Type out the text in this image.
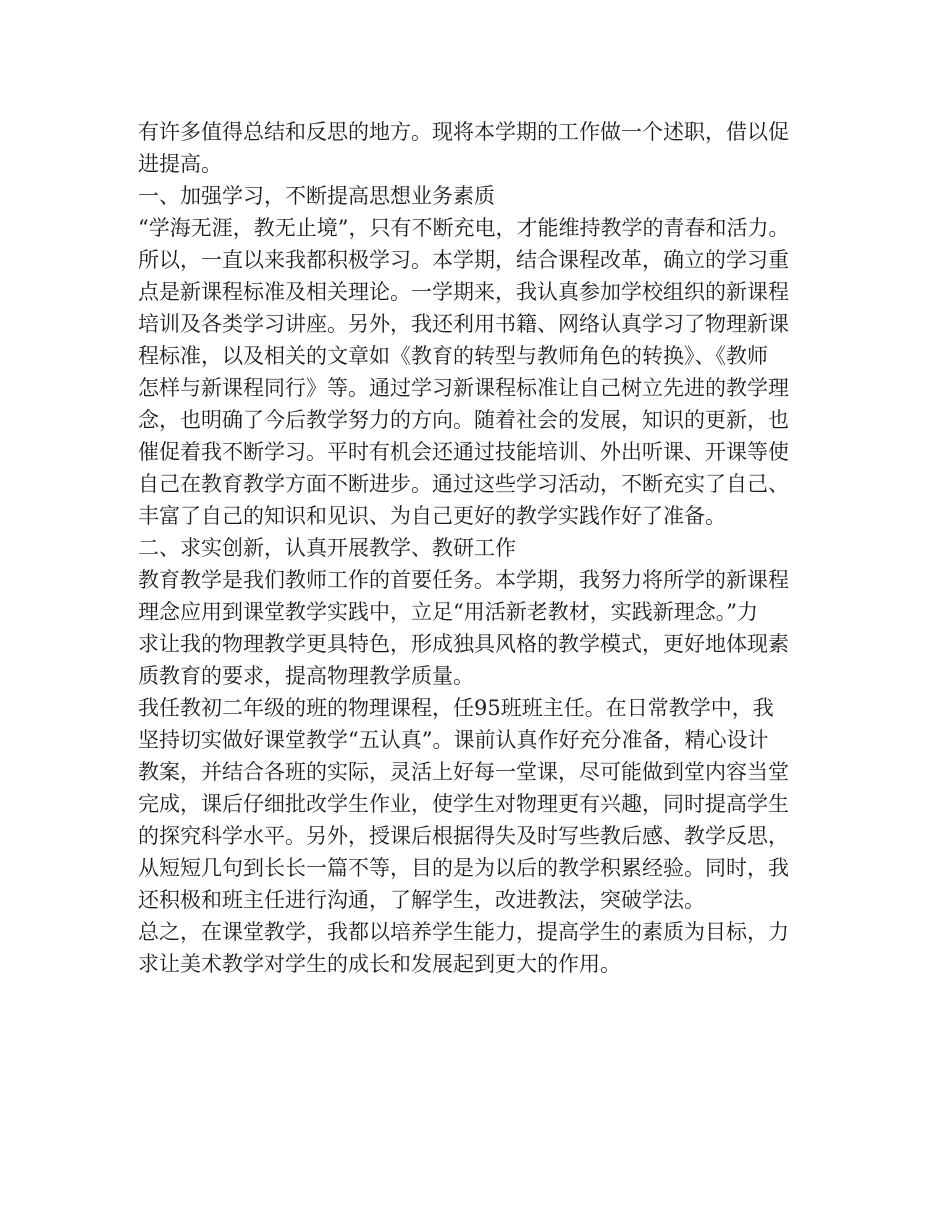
有许多值得总结和反思的地方。现将本学期的工作做一个述职，借以促
进提高。
一、加强学习，不断提高思想业务素质
“学海无涯，教无止境”，只有不断充电，才能维持教学的青春和活力。
所以，一直以来我都积极学习。本学期，结合课程改革，确立的学习重
点是新课程标准及相关理论。一学期来，我认真参加学校组织的新课程
培训及各类学习讲座。另外，我还利用书籍、网络认真学习了物理新课
程标准，以及相关的文章如《教育的转型与教师角色的转换》、《教师
怎样与新课程同行》等。通过学习新课程标准让自己树立先进的教学理
念，也明确了今后教学努力的方向。随着社会的发展，知识的更新，也
催促着我不断学习。平时有机会还通过技能培训、外出听课、开课等使
自己在教育教学方面不断进步。通过这些学习活动，不断充实了自己、
丰富了自己的知识和见识、为自己更好的教学实践作好了准备。
二、求实创新，认真开展教学、教研工作
教育教学是我们教师工作的首要任务。本学期，我努力将所学的新课程
理念应用到课堂教学实践中，立足“用活新老教材，实践新理念。”力
求让我的物理教学更具特色，形成独具风格的教学模式，更好地体现素
质教育的要求，提高物理教学质量。
我任教初二年级的班的物理课程，任95班班主任。在日常教学中，我
坚持切实做好课堂教学“五认真”。课前认真作好充分准备，精心设计
教案，并结合各班的实际，灵活上好每一堂课，尽可能做到堂内容当堂
完成，课后仔细批改学生作业，使学生对物理更有兴趣，同时提高学生
的探究科学水平。另外，授课后根据得失及时写些教后感、教学反思，
从短短几句到长长一篇不等，目的是为以后的教学积累经验。同时，我
还积极和班主任进行沟通，了解学生，改进教法，突破学法。
总之，在课堂教学，我都以培养学生能力，提高学生的素质为目标，力
求让美术教学对学生的成长和发展起到更大的作用。
